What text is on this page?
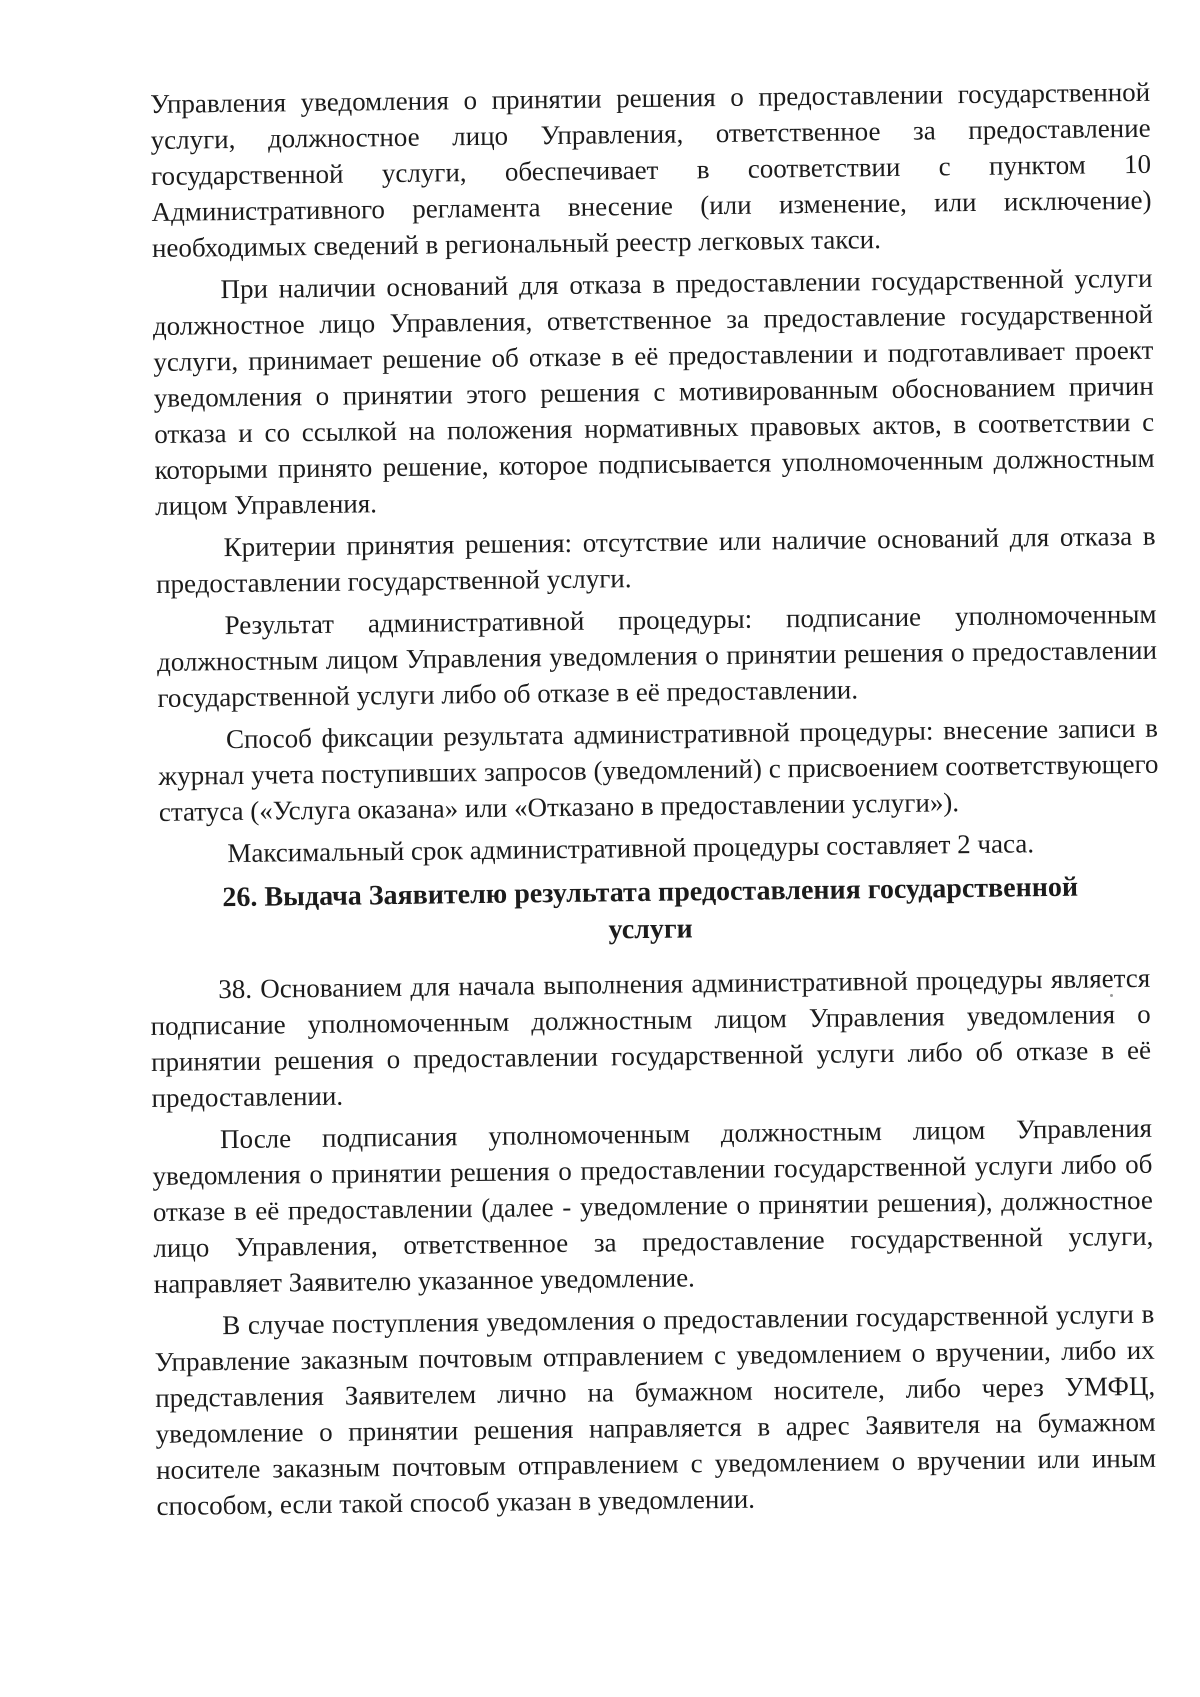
Управления уведомления о принятии решения о предоставлении государственной услуги, должностное лицо Управления, ответственное за предоставление государственной услуги, обеспечивает в соответствии с пунктом 10 Административного регламента внесение (или изменение, или исключение) необходимых сведений в региональный реестр легковых такси.

При наличии оснований для отказа в предоставлении государственной услуги должностное лицо Управления, ответственное за предоставление государственной услуги, принимает решение об отказе в её предоставлении и подготавливает проект уведомления о принятии этого решения с мотивированным обоснованием причин отказа и со ссылкой на положения нормативных правовых актов, в соответствии с которыми принято решение, которое подписывается уполномоченным должностным лицом Управления.

Критерии принятия решения: отсутствие или наличие оснований для отказа в предоставлении государственной услуги.

Результат административной процедуры: подписание уполномоченным должностным лицом Управления уведомления о принятии решения о предоставлении государственной услуги либо об отказе в её предоставлении.

Способ фиксации результата административной процедуры: внесение записи в журнал учета поступивших запросов (уведомлений) с присвоением соответствующего статуса («Услуга оказана» или «Отказано в предоставлении услуги»).

Максимальный срок административной процедуры составляет 2 часа.

26. Выдача Заявителю результата предоставления государственной
услуги

38. Основанием для начала выполнения административной процедуры является подписание уполномоченным должностным лицом Управления уведомления о принятии решения о предоставлении государственной услуги либо об отказе в её предоставлении.

После подписания уполномоченным должностным лицом Управления уведомления о принятии решения о предоставлении государственной услуги либо об отказе в её предоставлении (далее - уведомление о принятии решения), должностное лицо Управления, ответственное за предоставление государственной услуги, направляет Заявителю указанное уведомление.

В случае поступления уведомления о предоставлении государственной услуги в Управление заказным почтовым отправлением с уведомлением о вручении, либо их представления Заявителем лично на бумажном носителе, либо через УМФЦ, уведомление о принятии решения направляется в адрес Заявителя на бумажном носителе заказным почтовым отправлением с уведомлением о вручении или иным способом, если такой способ указан в уведомлении.
